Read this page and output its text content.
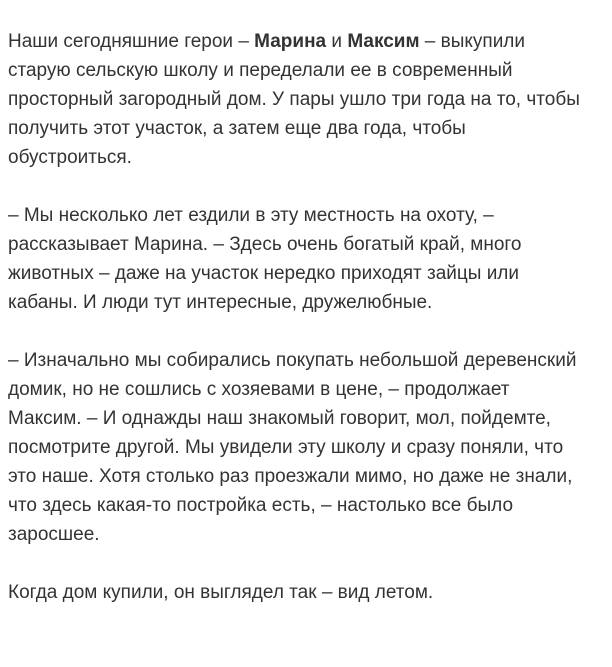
Наши сегодняшние герои – Марина и Максим – выкупили
старую сельскую школу и переделали ее в современный
просторный загородный дом. У пары ушло три года на то, чтобы
получить этот участок, а затем еще два года, чтобы
обустроиться.

– Мы несколько лет ездили в эту местность на охоту, –
рассказывает Марина. – Здесь очень богатый край, много
животных – даже на участок нередко приходят зайцы или
кабаны. И люди тут интересные, дружелюбные.

– Изначально мы собирались покупать небольшой деревенский
домик, но не сошлись с хозяевами в цене, – продолжает
Максим. – И однажды наш знакомый говорит, мол, пойдемте,
посмотрите другой. Мы увидели эту школу и сразу поняли, что
это наше. Хотя столько раз проезжали мимо, но даже не знали,
что здесь какая-то постройка есть, – настолько все было
заросшее.

Когда дом купили, он выглядел так – вид летом.
